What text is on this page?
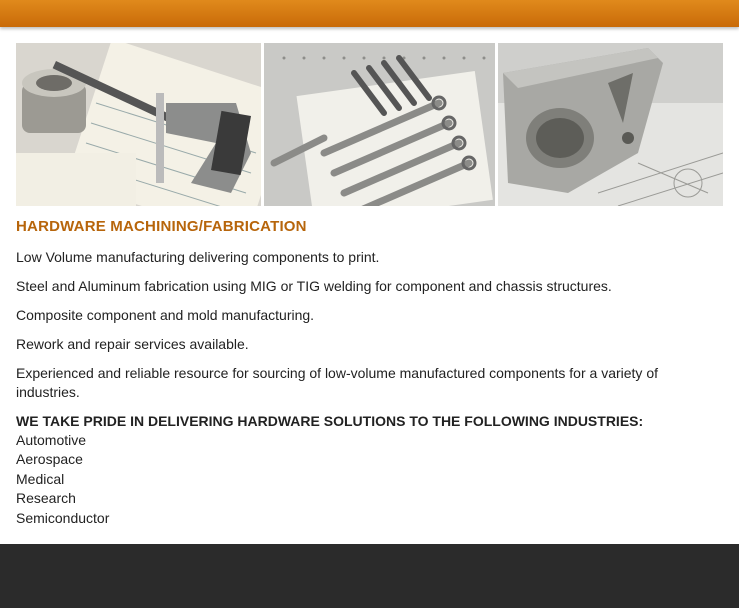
HARDWARE MACHINING/FABRICATION

Low Volume manufacturing delivering components to print.

Steel and Aluminum fabrication using MIG or TIG welding for component and chassis structures.

Composite component and mold manufacturing.

Rework and repair services available.

Experienced and reliable resource for sourcing of low-volume manufactured components for a variety of industries.

WE TAKE PRIDE IN DELIVERING HARDWARE SOLUTIONS TO THE FOLLOWING INDUSTRIES:
Automotive
Aerospace
Medical
Research
Semiconductor
